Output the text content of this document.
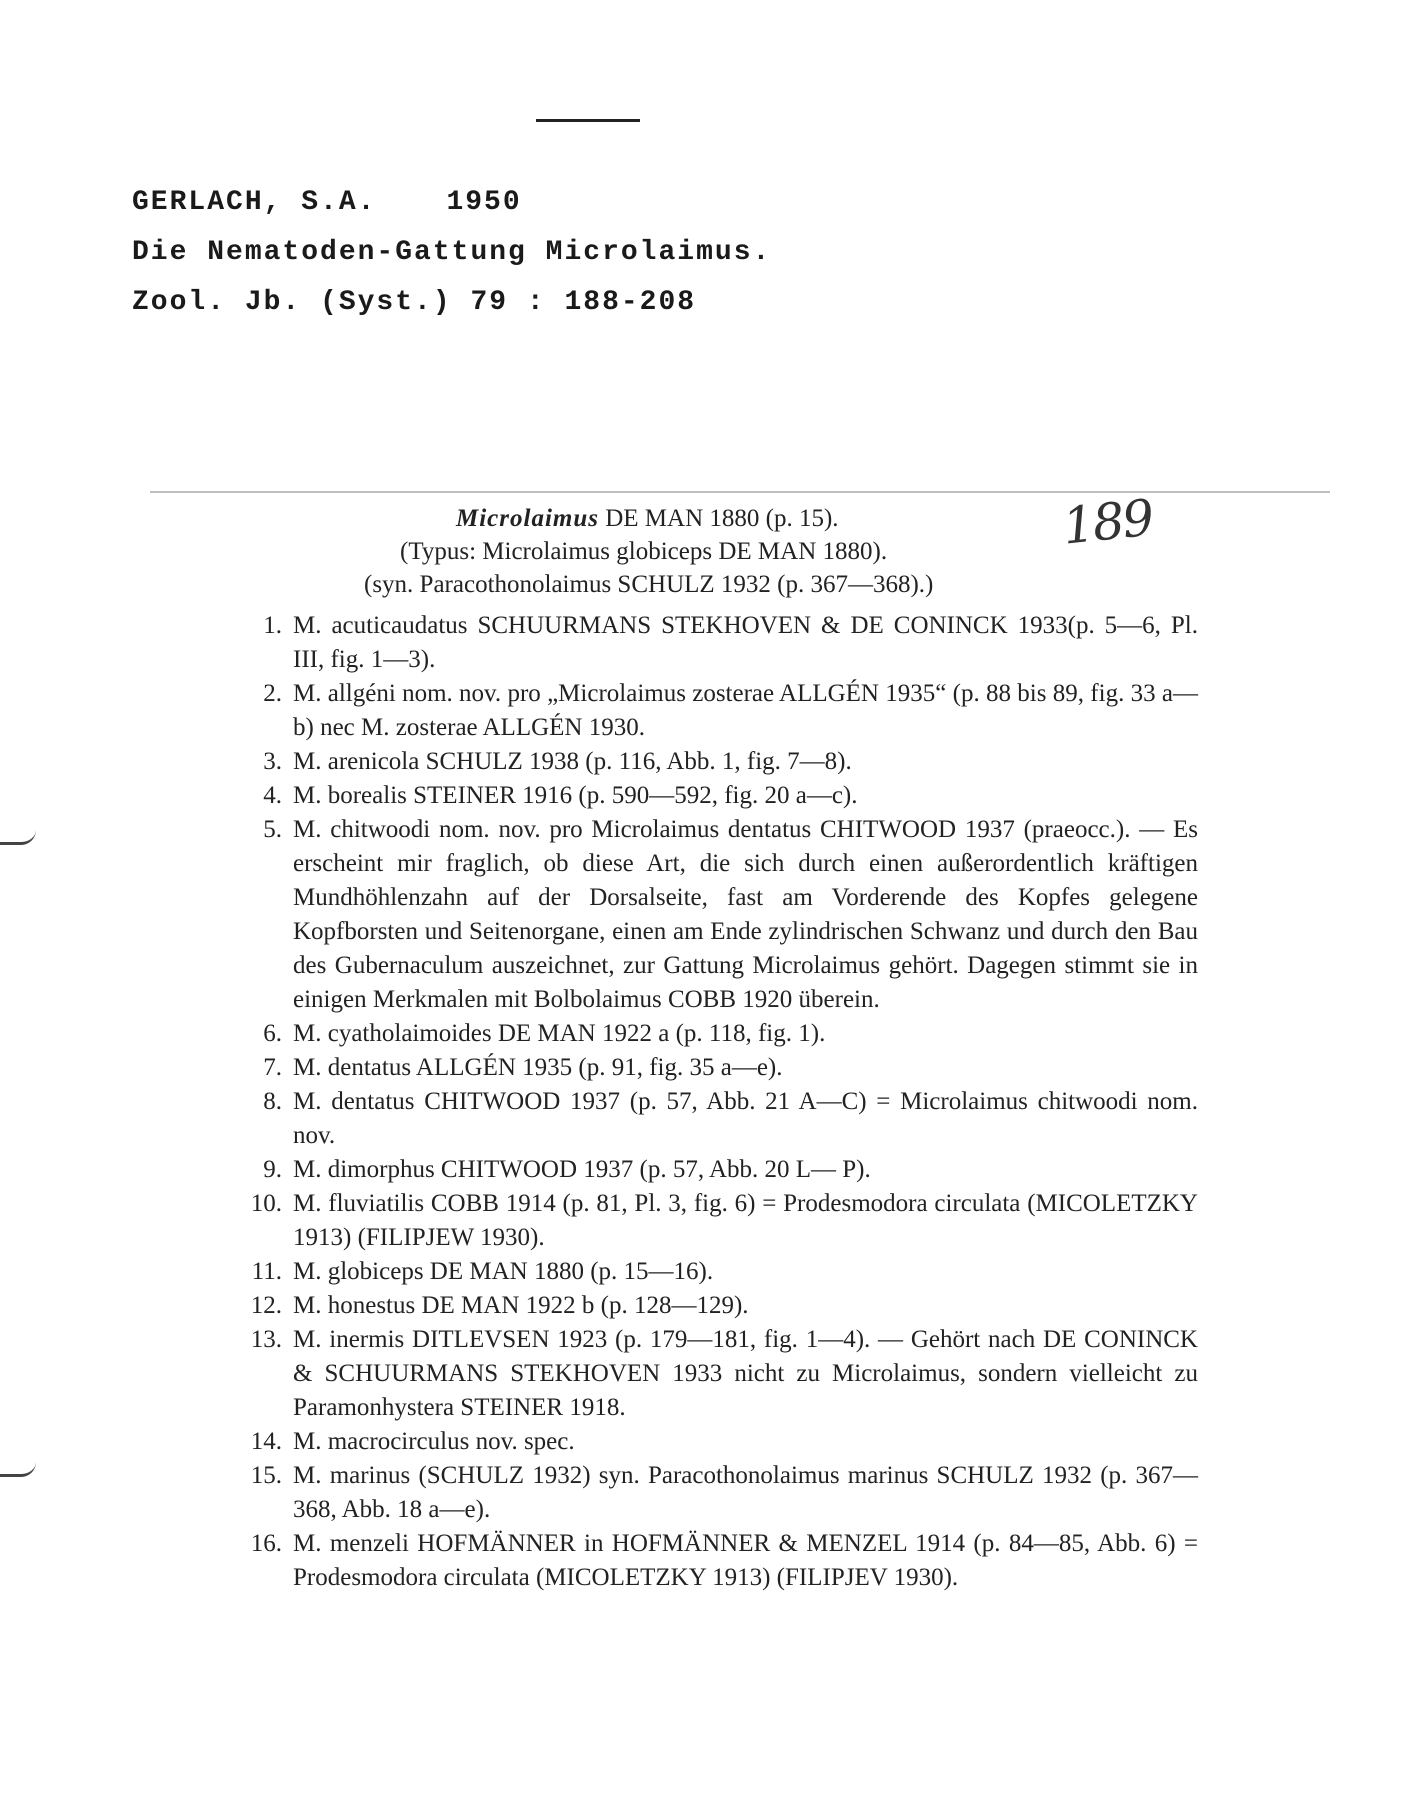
GERLACH, S.A.	1950
Die Nematoden-Gattung Microlaimus.
Zool. Jb. (Syst.) 79 : 188-208
189
Microlaimus DE MAN 1880 (p. 15).
(Typus: Microlaimus globiceps DE MAN 1880).
(syn. Paracothonolaimus SCHULZ 1932 (p. 367—368).)
1. M. acuticaudatus SCHUURMANS STEKHOVEN & DE CONINCK 1933(p. 5—6, Pl. III, fig. 1—3).
2. M. allgéni nom. nov. pro „Microlaimus zosterae ALLGÉN 1935“ (p. 88 bis 89, fig. 33 a—b) nec M. zosterae ALLGÉN 1930.
3. M. arenicola SCHULZ 1938 (p. 116, Abb. 1, fig. 7—8).
4. M. borealis STEINER 1916 (p. 590—592, fig. 20 a—c).
5. M. chitwoodi nom. nov. pro Microlaimus dentatus CHITWOOD 1937 (praeocc.). — Es erscheint mir fraglich, ob diese Art, die sich durch einen außerordentlich kräftigen Mundhöhlenzahn auf der Dorsalseite, fast am Vorderende des Kopfes gelegene Kopfborsten und Seitenorgane, einen am Ende zylindrischen Schwanz und durch den Bau des Gubernaculum auszeichnet, zur Gattung Microlaimus gehört. Dagegen stimmt sie in einigen Merkmalen mit Bolbolaimus COBB 1920 überein.
6. M. cyatholaimoides DE MAN 1922 a (p. 118, fig. 1).
7. M. dentatus ALLGÉN 1935 (p. 91, fig. 35 a—e).
8. M. dentatus CHITWOOD 1937 (p. 57, Abb. 21 A—C) = Microlaimus chitwoodi nom. nov.
9. M. dimorphus CHITWOOD 1937 (p. 57, Abb. 20 L— P).
10. M. fluviatilis COBB 1914 (p. 81, Pl. 3, fig. 6) = Prodesmodora circulata (MICOLETZKY 1913) (FILIPJEW 1930).
11. M. globiceps DE MAN 1880 (p. 15—16).
12. M. honestus DE MAN 1922 b (p. 128—129).
13. M. inermis DITLEVSEN 1923 (p. 179—181, fig. 1—4). — Gehört nach DE CONINCK & SCHUURMANS STEKHOVEN 1933 nicht zu Microlaimus, sondern vielleicht zu Paramonhystera STEINER 1918.
14. M. macrocirculus nov. spec.
15. M. marinus (SCHULZ 1932) syn. Paracothonolaimus marinus SCHULZ 1932 (p. 367—368, Abb. 18 a—e).
16. M. menzeli HOFMÄNNER in HOFMÄNNER & MENZEL 1914 (p. 84—85, Abb. 6) = Prodesmodora circulata (MICOLETZKY 1913) (FILIPJEV 1930).
